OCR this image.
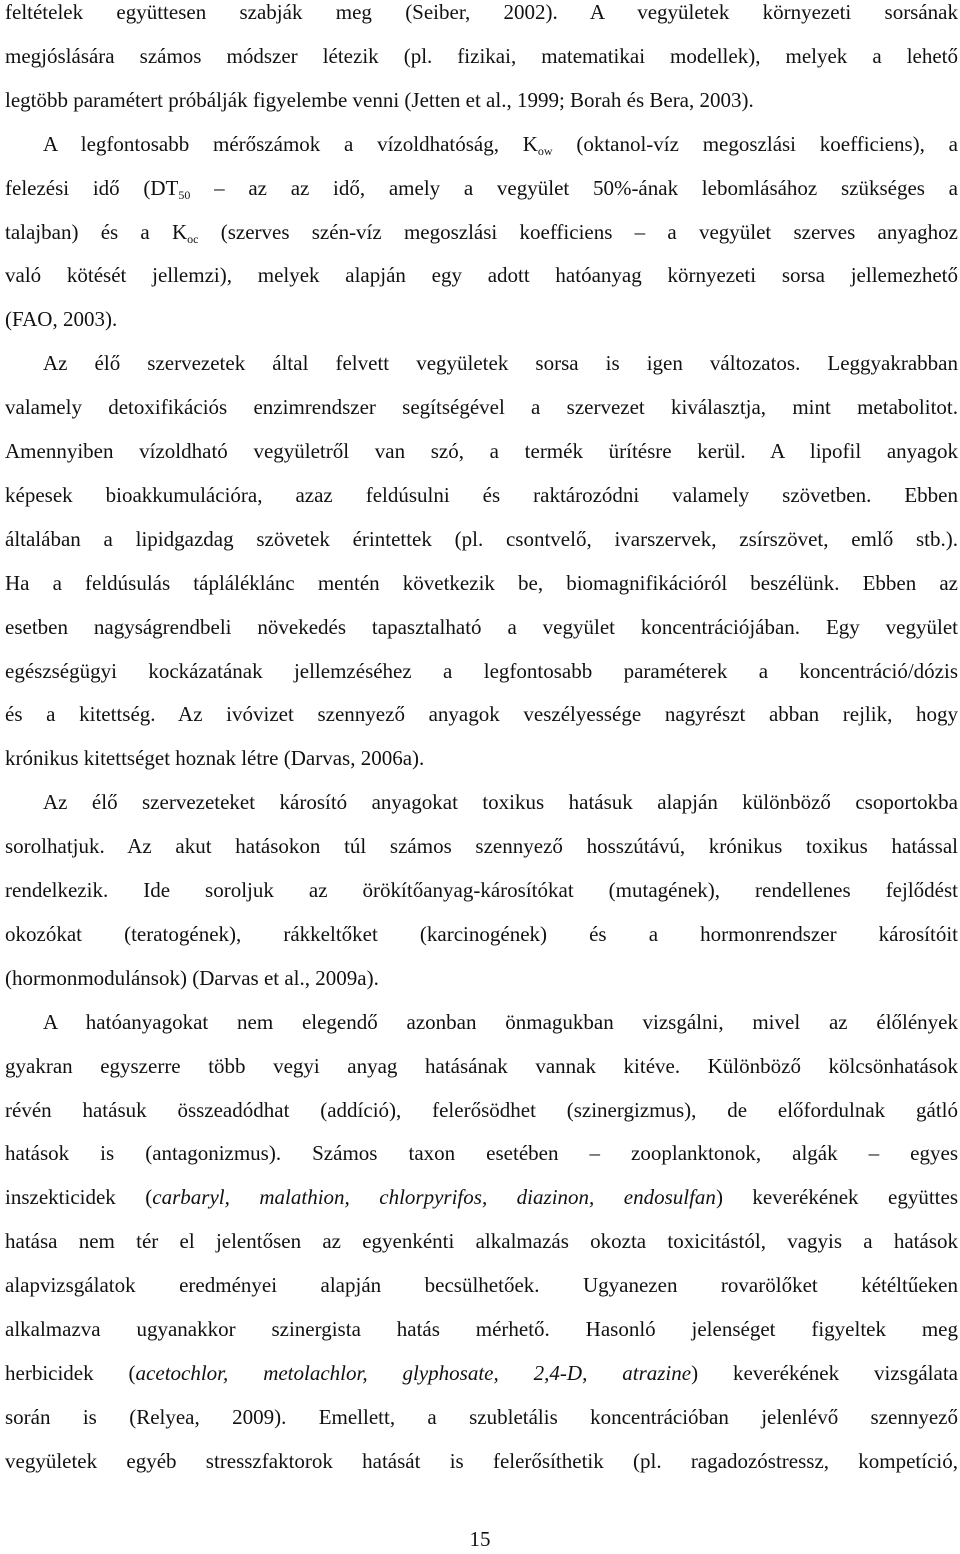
feltételek együttesen szabják meg (Seiber, 2002). A vegyületek környezeti sorsának
megjóslására számos módszer létezik (pl. fizikai, matematikai modellek), melyek a lehető
legtöbb paramétert próbálják figyelembe venni (Jetten et al., 1999; Borah és Bera, 2003).
A legfontosabb mérőszámok a vízoldhatóság, $K_{ow}$ (oktanol-víz megoszlási koefficiens), a
felezési idő ($DT_{50}$ – az az idő, amely a vegyület 50%-ának lebomlásához szükséges a
talajban) és a $K_{oc}$ (szerves szén-víz megoszlási koefficiens – a vegyület szerves anyaghoz
való kötését jellemzi), melyek alapján egy adott hatóanyag környezeti sorsa jellemezhető
(FAO, 2003).
Az élő szervezetek által felvett vegyületek sorsa is igen változatos. Leggyakrabban
valamely detoxifikációs enzimrendszer segítségével a szervezet kiválasztja, mint metabolitot.
Amennyiben vízoldható vegyületről van szó, a termék ürítésre kerül. A lipofil anyagok
képesek bioakkumulációra, azaz feldúsulni és raktározódni valamely szövetben. Ebben
általában a lipidgazdag szövetek érintettek (pl. csontvelő, ivarszervek, zsírszövet, emlő stb.).
Ha a feldúsulás tápláléklánc mentén következik be, biomagnifikációról beszélünk. Ebben az
esetben nagyságrendbeli növekedés tapasztalható a vegyület koncentrációjában. Egy vegyület
egészségügyi kockázatának jellemzéséhez a legfontosabb paraméterek a koncentráció/dózis
és a kitettség. Az ivóvizet szennyező anyagok veszélyessége nagyrészt abban rejlik, hogy
krónikus kitettséget hoznak létre (Darvas, 2006a).
Az élő szervezeteket károsító anyagokat toxikus hatásuk alapján különböző csoportokba
sorolhatjuk. Az akut hatásokon túl számos szennyező hosszútávú, krónikus toxikus hatással
rendelkezik. Ide soroljuk az örökítőanyag-károsítókat (mutagének), rendellenes fejlődést
okozókat (teratogének), rákkeltőket (karcinogének) és a hormonrendszer károsítóit
(hormonmodulánsok) (Darvas et al., 2009a).
A hatóanyagokat nem elegendő azonban önmagukban vizsgálni, mivel az élőlények
gyakran egyszerre több vegyi anyag hatásának vannak kitéve. Különböző kölcsönhatások
révén hatásuk összeadódhat (addíció), felerősödhet (szinergizmus), de előfordulnak gátló
hatások is (antagonizmus). Számos taxon esetében – zooplanktonok, algák – egyes
inszekticidek (carbaryl, malathion, chlorpyrifos, diazinon, endosulfan) keverékének együttes
hatása nem tér el jelentősen az egyenkénti alkalmazás okozta toxicitástól, vagyis a hatások
alapvizsgálatok eredményei alapján becsülhetőek. Ugyanezen rovarölőket kétéltűeken
alkalmazva ugyanakkor szinergista hatás mérhető. Hasonló jelenséget figyeltek meg
herbicidek (acetochlor, metolachlor, glyphosate, 2,4-D, atrazine) keverékének vizsgálata
során is (Relyea, 2009). Emellett, a szubletális koncentrációban jelenlévő szennyező
vegyületek egyéb stresszfaktorok hatását is felerősíthetik (pl. ragadozóstressz, kompetíció,
15
